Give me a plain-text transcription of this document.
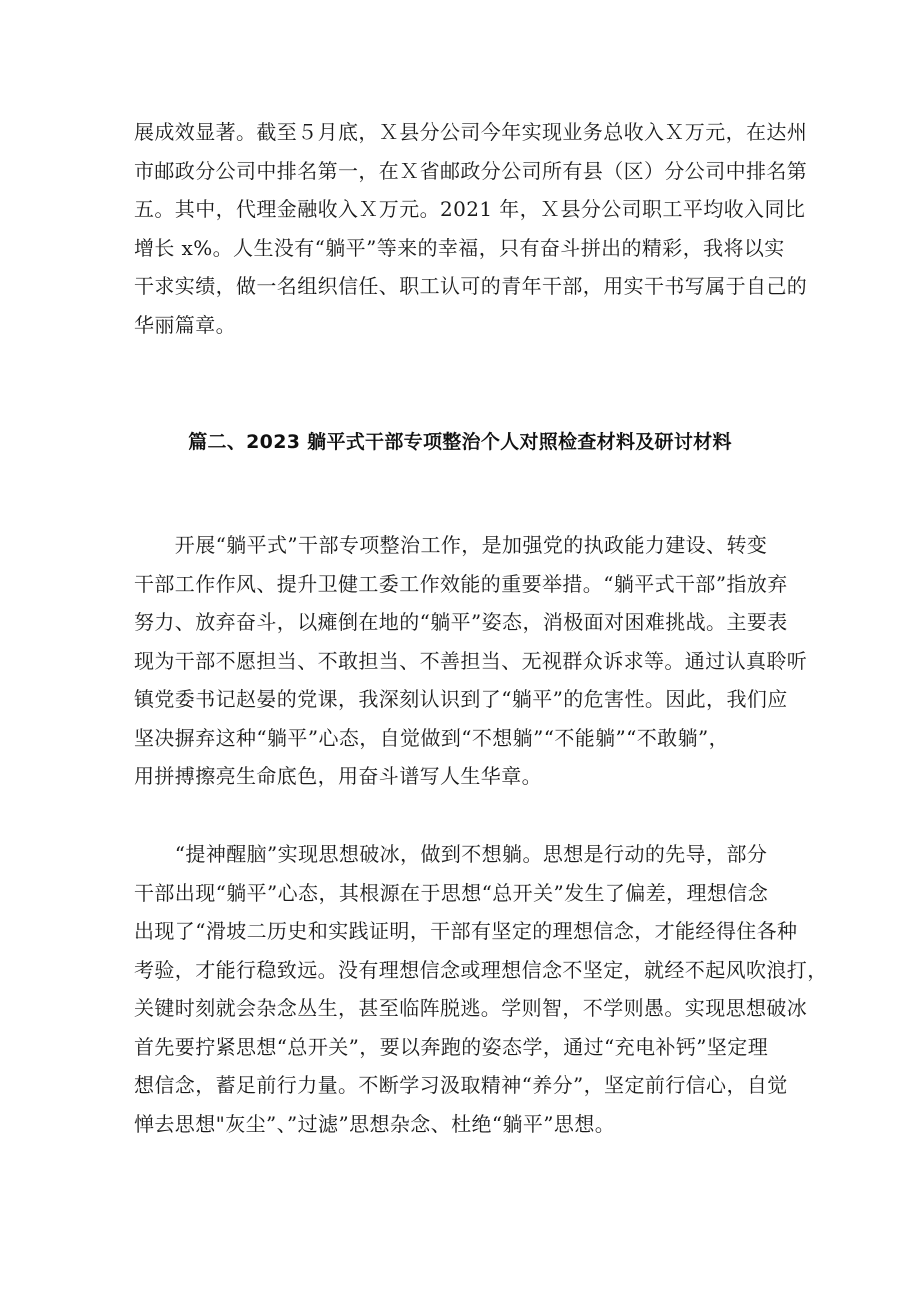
展成效显著。截至５月底，Ｘ县分公司今年实现业务总收入Ｘ万元，在达州
市邮政分公司中排名第一，在Ｘ省邮政分公司所有县（区）分公司中排名第
五。其中，代理金融收入Ｘ万元。2021 年，Ｘ县分公司职工平均收入同比
增长 x%。人生没有“躺平”等来的幸福，只有奋斗拼出的精彩，我将以实
干求实绩，做一名组织信任、职工认可的青年干部，用实干书写属于自己的
华丽篇章。
篇二、2023 躺平式干部专项整治个人对照检查材料及研讨材料
　　开展“躺平式”干部专项整治工作，是加强党的执政能力建设、转变
干部工作作风、提升卫健工委工作效能的重要举措。“躺平式干部”指放弃
努力、放弃奋斗，以瘫倒在地的“躺平”姿态，消极面对困难挑战。主要表
现为干部不愿担当、不敢担当、不善担当、无视群众诉求等。通过认真聆听
镇党委书记赵晏的党课，我深刻认识到了“躺平”的危害性。因此，我们应
坚决摒弃这种“躺平”心态，自觉做到“不想躺”“不能躺”“不敢躺”，
用拼搏擦亮生命底色，用奋斗谱写人生华章。
　　“提神醒脑”实现思想破冰，做到不想躺。思想是行动的先导，部分
干部出现“躺平”心态，其根源在于思想“总开关”发生了偏差，理想信念
出现了“滑坡二历史和实践证明，干部有坚定的理想信念，才能经得住各种
考验，才能行稳致远。没有理想信念或理想信念不坚定，就经不起风吹浪打，
关键时刻就会杂念丛生，甚至临阵脱逃。学则智，不学则愚。实现思想破冰
首先要拧紧思想“总开关”，要以奔跑的姿态学，通过“充电补钙”坚定理
想信念，蓄足前行力量。不断学习汲取精神“养分”，坚定前行信心，自觉
惮去思想"灰尘”、”过滤”思想杂念、杜绝“躺平”思想。
